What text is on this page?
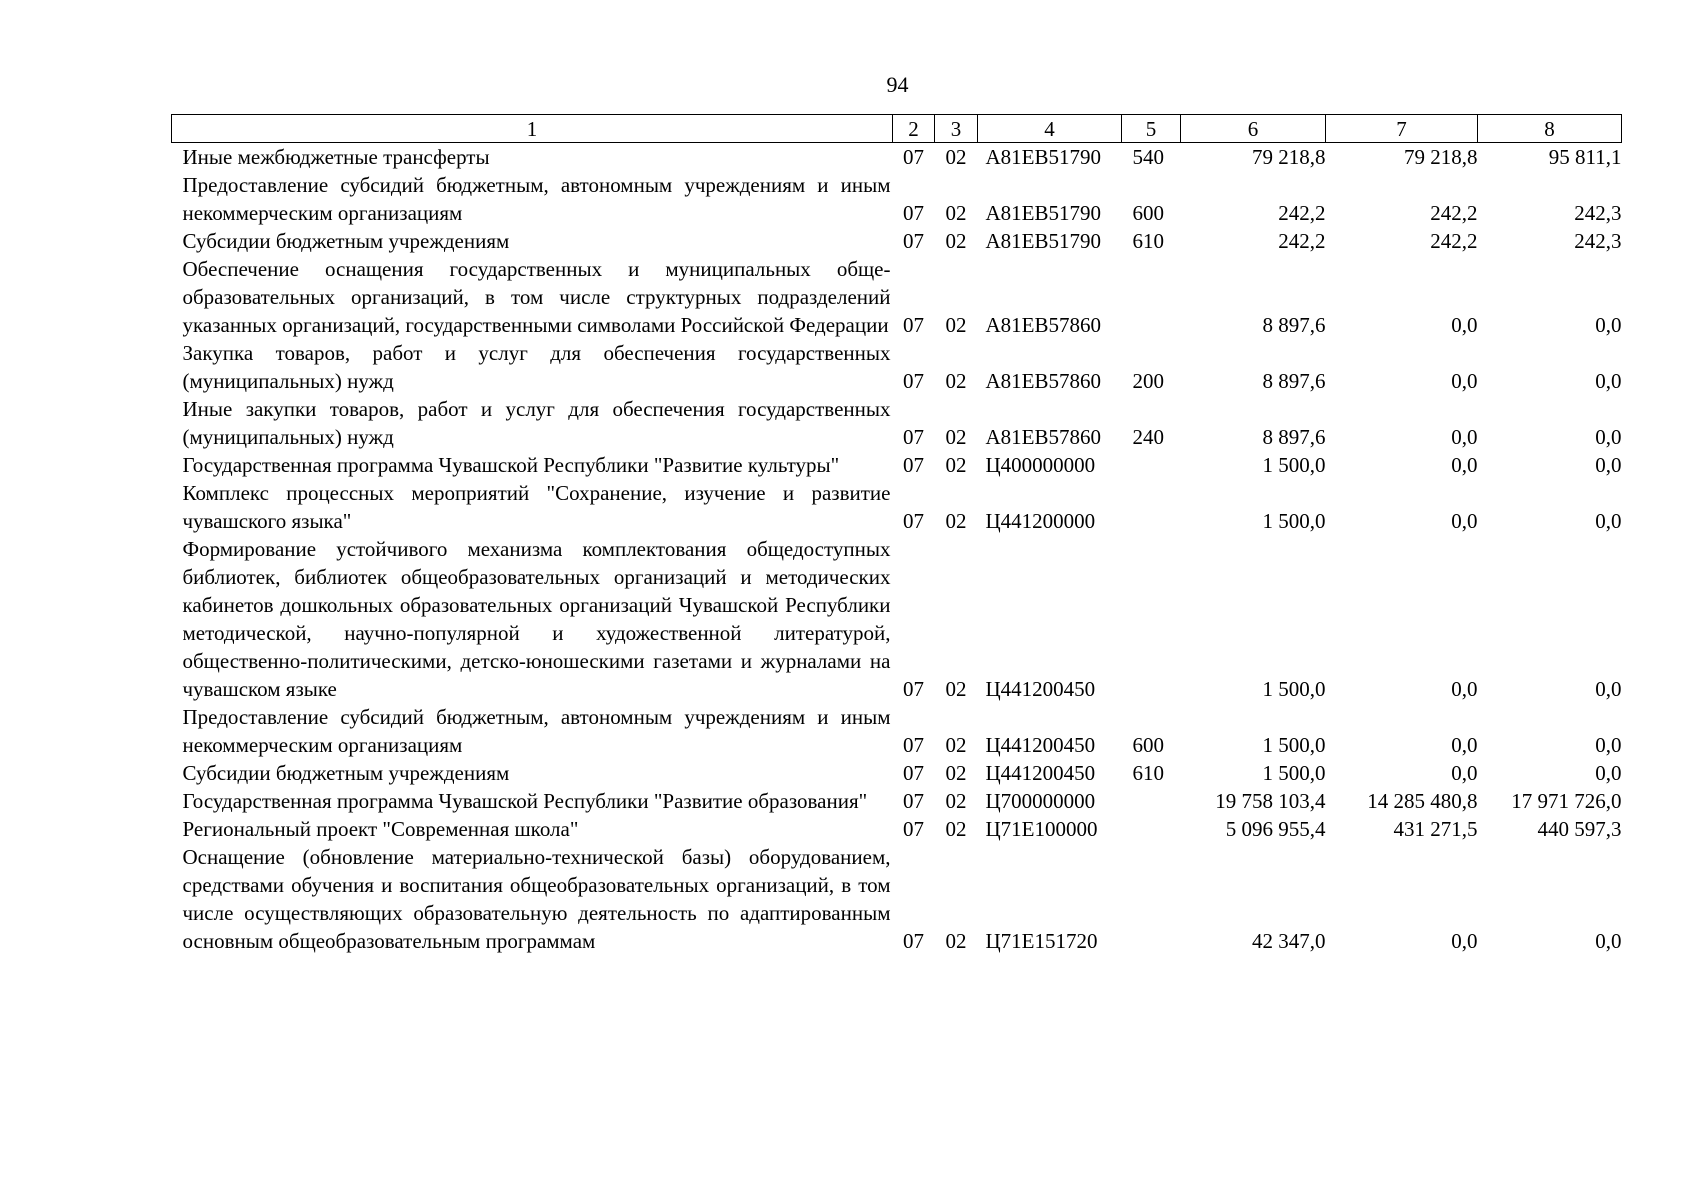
94
1	2	3	4	5	6	7	8
Иные межбюджетные трансферты	07	02	А81ЕВ51790	540	79 218,8	79 218,8	95 811,1
Предоставление субсидий бюджетным, автономным учреждениям и иным некоммерческим организациям	07	02	А81ЕВ51790	600	242,2	242,2	242,3
Субсидии бюджетным учреждениям	07	02	А81ЕВ51790	610	242,2	242,2	242,3
Обеспечение оснащения государственных и муниципальных общеобразовательных организаций, в том числе структурных подразделений указанных организаций, государственными символами Российской Федерации	07	02	А81ЕВ57860		8 897,6	0,0	0,0
Закупка товаров, работ и услуг для обеспечения государственных (муниципальных) нужд	07	02	А81ЕВ57860	200	8 897,6	0,0	0,0
Иные закупки товаров, работ и услуг для обеспечения государственных (муниципальных) нужд	07	02	А81ЕВ57860	240	8 897,6	0,0	0,0
Государственная программа Чувашской Республики "Развитие культуры"	07	02	Ц400000000		1 500,0	0,0	0,0
Комплекс процессных мероприятий "Сохранение, изучение и развитие чувашского языка"	07	02	Ц441200000		1 500,0	0,0	0,0
Формирование устойчивого механизма комплектования общедоступных библиотек, библиотек общеобразовательных организаций и методических кабинетов дошкольных образовательных организаций Чувашской Республики методической, научно-популярной и художественной литературой, общественно-политическими, детско-юношескими газетами и журналами на чувашском языке	07	02	Ц441200450		1 500,0	0,0	0,0
Предоставление субсидий бюджетным, автономным учреждениям и иным некоммерческим организациям	07	02	Ц441200450	600	1 500,0	0,0	0,0
Субсидии бюджетным учреждениям	07	02	Ц441200450	610	1 500,0	0,0	0,0
Государственная программа Чувашской Республики "Развитие образования"	07	02	Ц700000000		19 758 103,4	14 285 480,8	17 971 726,0
Региональный проект "Современная школа"	07	02	Ц71Е100000		5 096 955,4	431 271,5	440 597,3
Оснащение (обновление материально-технической базы) оборудованием, средствами обучения и воспитания общеобразовательных организаций, в том числе осуществляющих образовательную деятельность по адаптированным основным общеобразовательным программам	07	02	Ц71Е151720		42 347,0	0,0	0,0
